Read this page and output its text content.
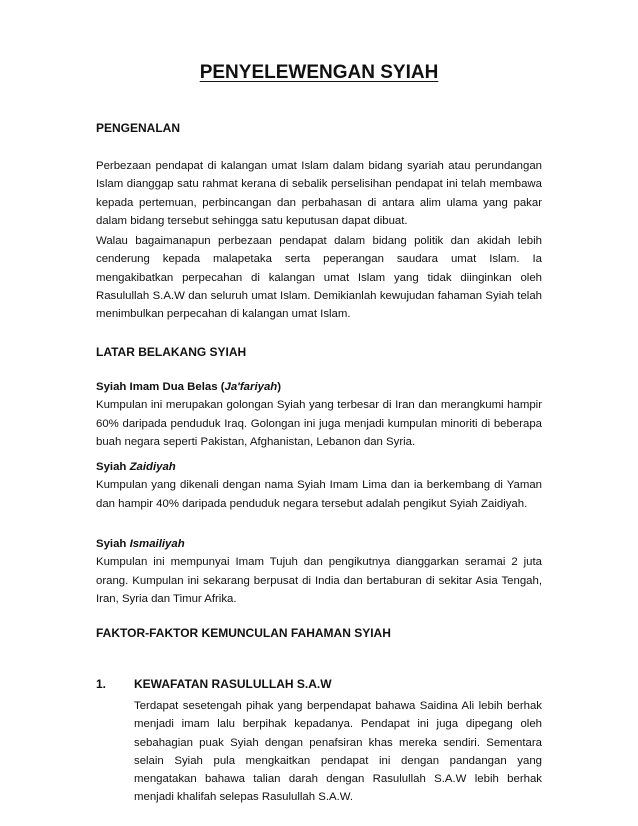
PENYELEWENGAN SYIAH
PENGENALAN

Perbezaan pendapat di kalangan umat Islam dalam bidang syariah atau perundangan Islam dianggap satu rahmat kerana di sebalik perselisihan pendapat ini telah membawa kepada pertemuan, perbincangan dan perbahasan di antara alim ulama yang pakar dalam bidang tersebut sehingga satu keputusan dapat dibuat.

Walau bagaimanapun perbezaan pendapat dalam bidang politik dan akidah lebih cenderung kepada malapetaka serta peperangan saudara umat Islam. Ia mengakibatkan perpecahan di kalangan umat Islam yang tidak diinginkan oleh Rasulullah S.A.W dan seluruh umat Islam. Demikianlah kewujudan fahaman Syiah telah menimbulkan perpecahan di kalangan umat Islam.

LATAR BELAKANG SYIAH
Syiah Imam Dua Belas (Ja'fariyah)
Kumpulan ini merupakan golongan Syiah yang terbesar di Iran dan merangkumi hampir 60% daripada penduduk Iraq. Golongan ini juga menjadi kumpulan minoriti di beberapa buah negara seperti Pakistan, Afghanistan, Lebanon dan Syria.
Syiah Zaidiyah
Kumpulan yang dikenali dengan nama Syiah Imam Lima dan ia berkembang di Yaman dan hampir 40% daripada penduduk negara tersebut adalah pengikut Syiah Zaidiyah.
Syiah Ismailiyah
Kumpulan ini mempunyai Imam Tujuh dan pengikutnya dianggarkan seramai 2 juta orang. Kumpulan ini sekarang berpusat di India dan bertaburan di sekitar Asia Tengah, Iran, Syria dan Timur Afrika.
FAKTOR-FAKTOR KEMUNCULAN FAHAMAN SYIAH
1. KEWAFATAN RASULULLAH S.A.W

Terdapat sesetengah pihak yang berpendapat bahawa Saidina Ali lebih berhak menjadi imam lalu berpihak kepadanya. Pendapat ini juga dipegang oleh sebahagian puak Syiah dengan penafsiran khas mereka sendiri. Sementara selain Syiah pula mengkaitkan pendapat ini dengan pandangan yang mengatakan bahawa talian darah dengan Rasulullah S.A.W lebih berhak menjadi khalifah selepas Rasulullah S.A.W.
